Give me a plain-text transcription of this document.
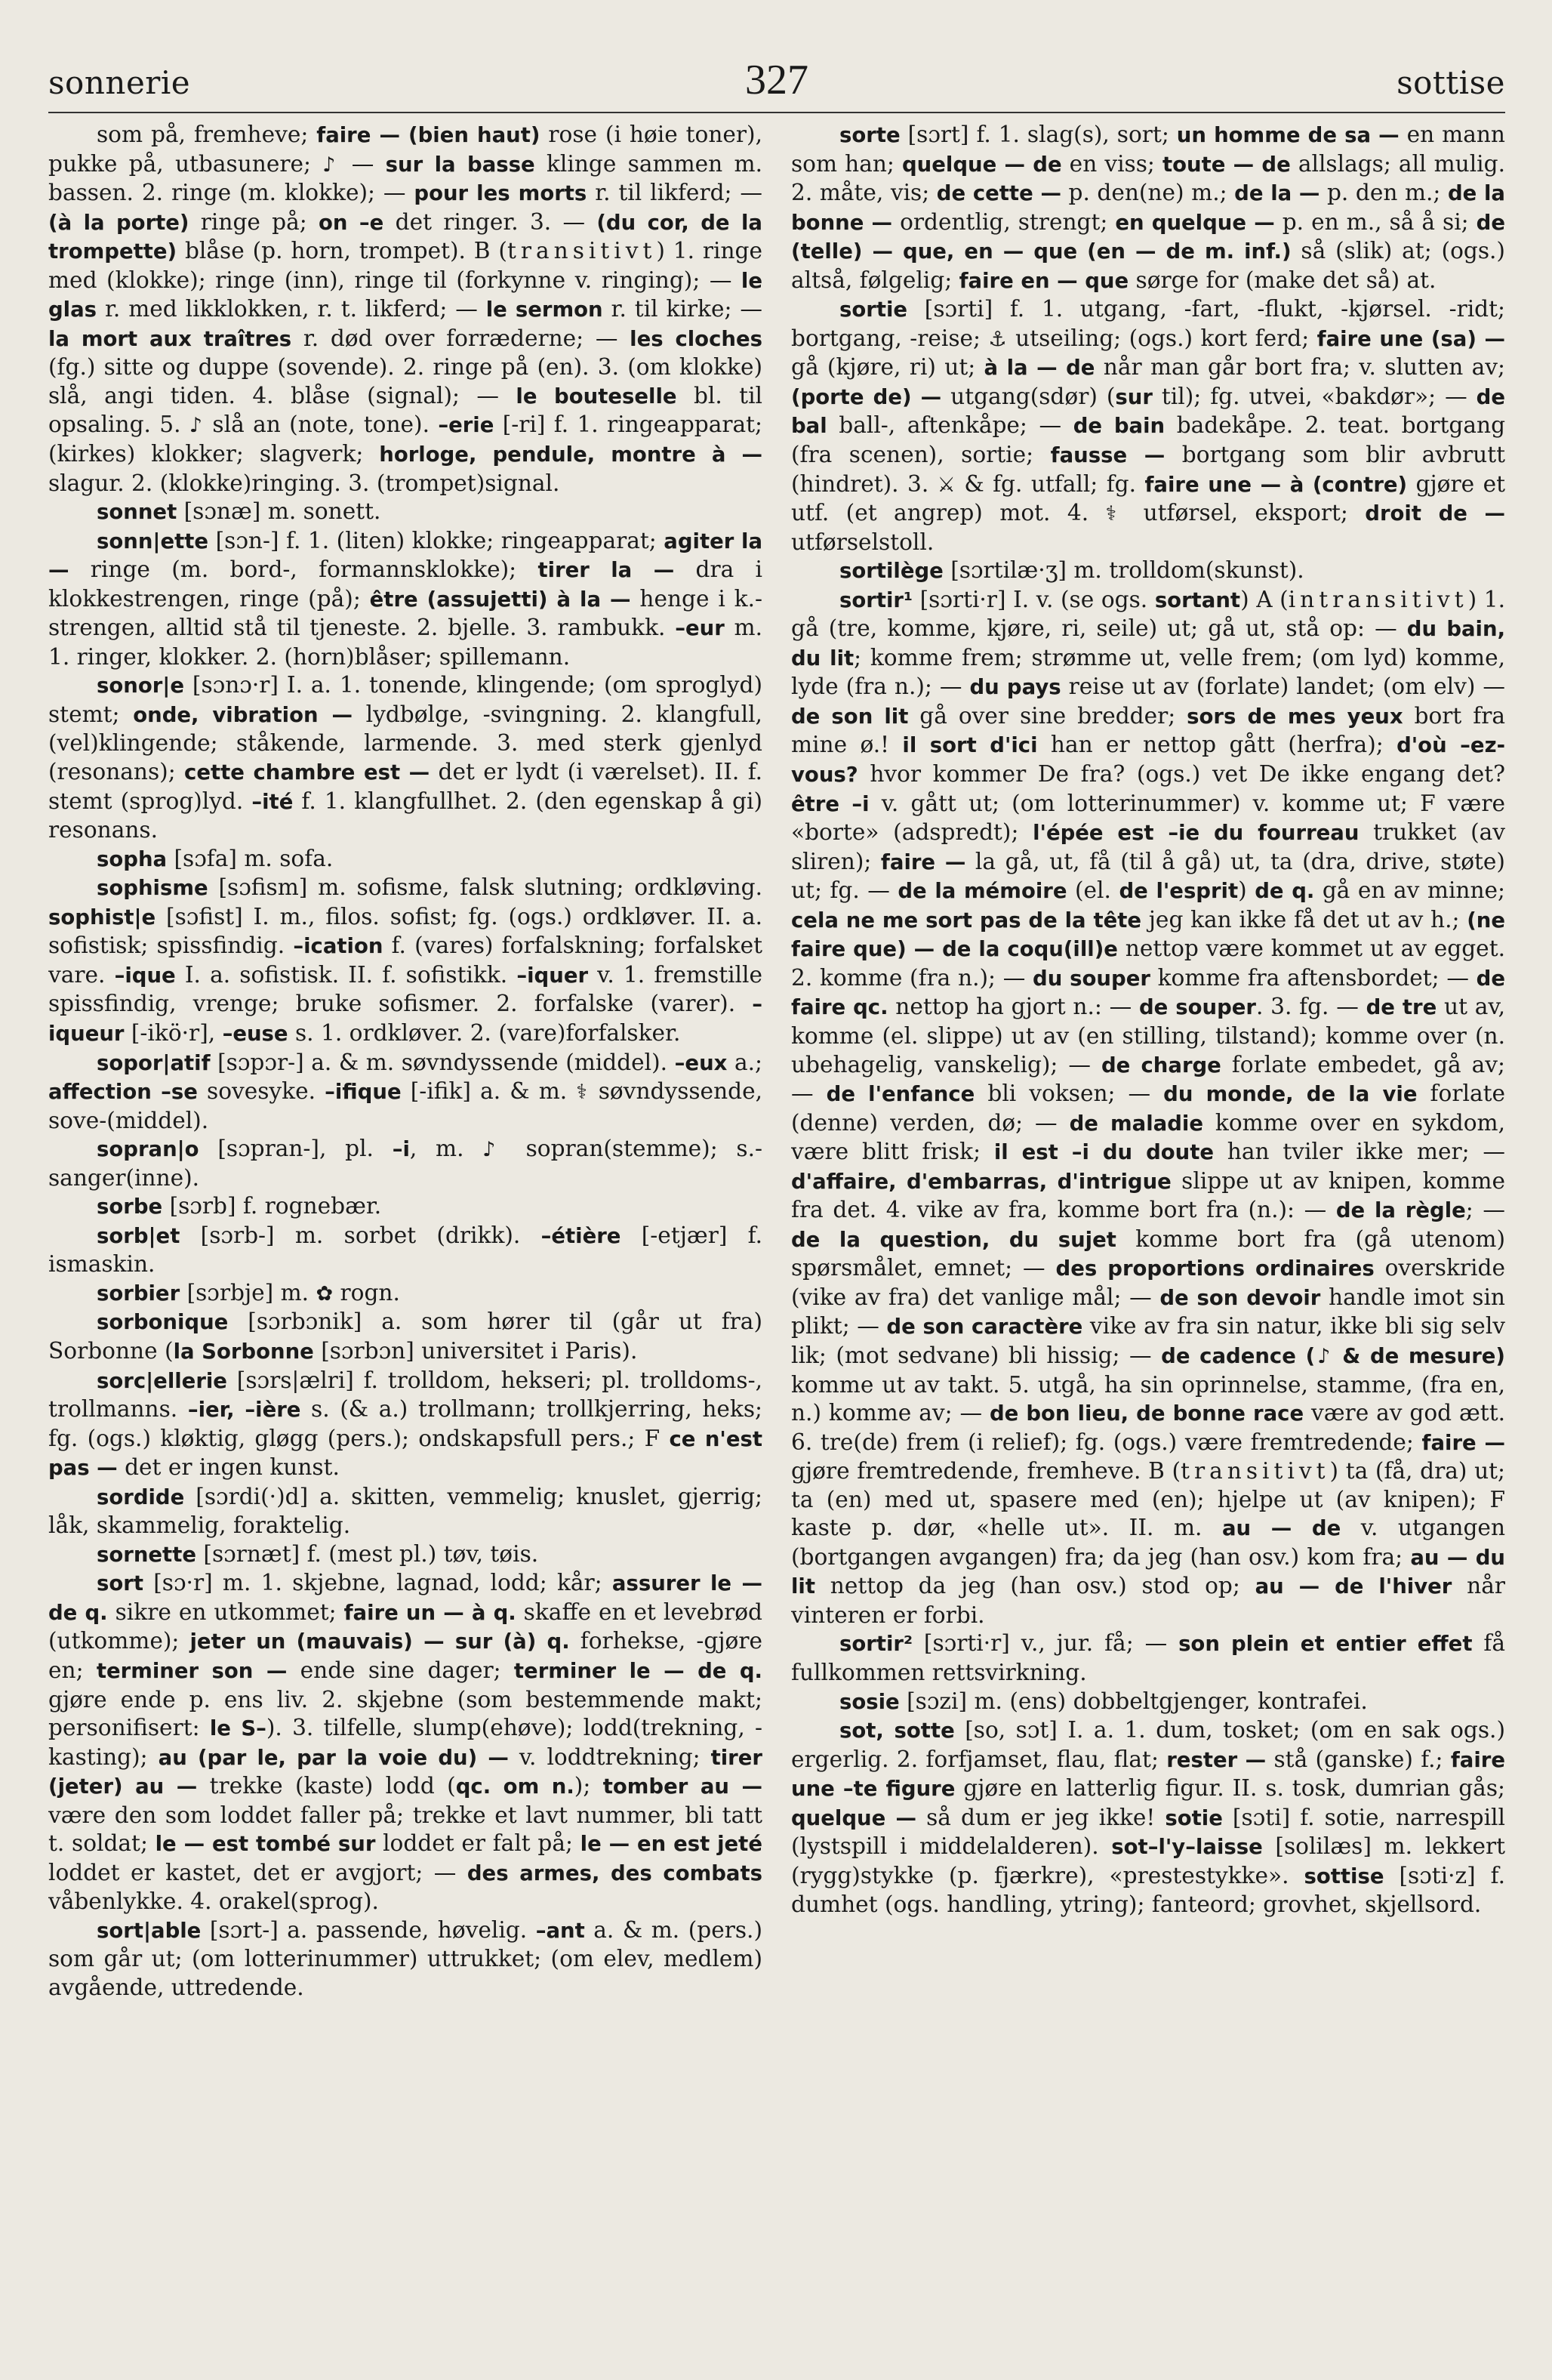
sonnerie	327	sottise

som på, fremheve; faire — (bien haut) rose (i høie toner), pukke på, utbasunere; ♪ — sur la basse klinge sammen m. bassen. 2. ringe (m. klokke); — pour les morts r. til likferd; — (à la porte) ringe på; on –e det ringer. 3. — (du cor, de la trompette) blåse (p. horn, trompet). B (transitivt) 1. ringe med (klokke); ringe (inn), ringe til (forkynne v. ringing); — le glas r. med likklokken, r. t. likferd; — le sermon r. til kirke; — la mort aux traîtres r. død over forræderne; — les cloches (fg.) sitte og duppe (sovende). 2. ringe på (en). 3. (om klokke) slå, angi tiden. 4. blåse (signal); — le bouteselle bl. til opsaling. 5. ♪ slå an (note, tone). –erie [-ri] f. 1. ringeapparat; (kirkes) klokker; slagverk; horloge, pendule, montre à — slagur. 2. (klokke)ringing. 3. (trompet)signal.

sonnet [sɔnæ] m. sonett.

sonn|ette [sɔn-] f. 1. (liten) klokke; ringeapparat; agiter la — ringe (m. bord-, formannsklokke); tirer la — dra i klokkestrengen, ringe (på); être (assujetti) à la — henge i k.-strengen, alltid stå til tjeneste. 2. bjelle. 3. rambukk. –eur m. 1. ringer, klokker. 2. (horn)blåser; spillemann.

sonor|e [sɔnɔ·r] I. a. 1. tonende, klingende; (om sproglyd) stemt; onde, vibration — lydbølge, -svingning. 2. klangfull, (vel)klingende; ståkende, larmende. 3. med sterk gjenlyd (resonans); cette chambre est — det er lydt (i værelset). II. f. stemt (sprog)lyd. –ité f. 1. klangfullhet. 2. (den egenskap å gi) resonans.

sopha [sɔfa] m. sofa.

sophisme [sɔfism] m. sofisme, falsk slutning; ordkløving. sophist|e [sɔfist] I. m., filos. sofist; fg. (ogs.) ordkløver. II. a. sofistisk; spissfindig. –ication f. (vares) forfalskning; forfalsket vare. –ique I. a. sofistisk. II. f. sofistikk. –iquer v. 1. fremstille spissfindig, vrenge; bruke sofismer. 2. forfalske (varer). –iqueur [-ikö·r], –euse s. 1. ordkløver. 2. (vare)forfalsker.

sopor|atif [sɔpɔr-] a. & m. søvndyssende (middel). –eux a.; affection –se sovesyke. –ifique [-ifik] a. & m. ⚕ søvndyssende, sove-(middel).

sopran|o [sɔpran-], pl. –i, m. ♪ sopran(stemme); s.-sanger(inne).

sorbe [sɔrb] f. rognebær.

sorb|et [sɔrb-] m. sorbet (drikk). –étière [-etjær] f. ismaskin.

sorbier [sɔrbje] m. ✿ rogn.

sorbonique [sɔrbɔnik] a. som hører til (går ut fra) Sorbonne (la Sorbonne [sɔrbɔn] universitet i Paris).

sorc|ellerie [sɔrs|ælri] f. trolldom, hekseri; pl. trolldoms-, trollmanns. –ier, –ière s. (& a.) trollmann; trollkjerring, heks; fg. (ogs.) kløktig, gløgg (pers.); ondskapsfull pers.; F ce n'est pas — det er ingen kunst.

sordide [sɔrdi(·)d] a. skitten, vemmelig; knuslet, gjerrig; låk, skammelig, foraktelig.

sornette [sɔrnæt] f. (mest pl.) tøv, tøis.

sort [sɔ·r] m. 1. skjebne, lagnad, lodd; kår; assurer le — de q. sikre en utkommet; faire un — à q. skaffe en et levebrød (utkomme); jeter un (mauvais) — sur (à) q. forhekse, -gjøre en; terminer son — ende sine dager; terminer le — de q. gjøre ende p. ens liv. 2. skjebne (som bestemmende makt; personifisert: le S–). 3. tilfelle, slump(ehøve); lodd(trekning, -kasting); au (par le, par la voie du) — v. loddtrekning; tirer (jeter) au — trekke (kaste) lodd (qc. om n.); tomber au — være den som loddet faller på; trekke et lavt nummer, bli tatt t. soldat; le — est tombé sur loddet er falt på; le — en est jeté loddet er kastet, det er avgjort; — des armes, des combats våbenlykke. 4. orakel(sprog).

sort|able [sɔrt-] a. passende, høvelig. –ant a. & m. (pers.) som går ut; (om lotterinummer) uttrukket; (om elev, medlem) avgående, uttredende.

sorte [sɔrt] f. 1. slag(s), sort; un homme de sa — en mann som han; quelque — de en viss; toute — de allslags; all mulig. 2. måte, vis; de cette — p. den(ne) m.; de la — p. den m.; de la bonne — ordentlig, strengt; en quelque — p. en m., så å si; de (telle) — que, en — que (en — de m. inf.) så (slik) at; (ogs.) altså, følgelig; faire en — que sørge for (make det så) at.

sortie [sɔrti] f. 1. utgang, -fart, -flukt, -kjørsel. -ridt; bortgang, -reise; ⚓ utseiling; (ogs.) kort ferd; faire une (sa) — gå (kjøre, ri) ut; à la — de når man går bort fra; v. slutten av; (porte de) — utgang(sdør) (sur til); fg. utvei, «bakdør»; — de bal ball-, aftenkåpe; — de bain badekåpe. 2. teat. bortgang (fra scenen), sortie; fausse — bortgang som blir avbrutt (hindret). 3. ⚔ & fg. utfall; fg. faire une — à (contre) gjøre et utf. (et angrep) mot. 4. ⚕ utførsel, eksport; droit de — utførselstoll.

sortilège [sɔrtilæ·ʒ] m. trolldom(skunst).

sortir¹ [sɔrti·r] I. v. (se ogs. sortant) A (intransitivt) 1. gå (tre, komme, kjøre, ri, seile) ut; gå ut, stå op: — du bain, du lit; komme frem; strømme ut, velle frem; (om lyd) komme, lyde (fra n.); — du pays reise ut av (forlate) landet; (om elv) — de son lit gå over sine bredder; sors de mes yeux bort fra mine ø.! il sort d'ici han er nettop gått (herfra); d'où –ez-vous? hvor kommer De fra? (ogs.) vet De ikke engang det? être –i v. gått ut; (om lotterinummer) v. komme ut; F være «borte» (adspredt); l'épée est –ie du fourreau trukket (av sliren); faire — la gå, ut, få (til å gå) ut, ta (dra, drive, støte) ut; fg. — de la mémoire (el. de l'esprit) de q. gå en av minne; cela ne me sort pas de la tête jeg kan ikke få det ut av h.; (ne faire que) — de la coqu(ill)e nettop være kommet ut av egget. 2. komme (fra n.); — du souper komme fra aftensbordet; — de faire qc. nettop ha gjort n.: — de souper. 3. fg. — de tre ut av, komme (el. slippe) ut av (en stilling, tilstand); komme over (n. ubehagelig, vanskelig); — de charge forlate embedet, gå av; — de l'enfance bli voksen; — du monde, de la vie forlate (denne) verden, dø; — de maladie komme over en sykdom, være blitt frisk; il est –i du doute han tviler ikke mer; — d'affaire, d'embarras, d'intrigue slippe ut av knipen, komme fra det. 4. vike av fra, komme bort fra (n.): — de la règle; — de la question, du sujet komme bort fra (gå utenom) spørsmålet, emnet; — des proportions ordinaires overskride (vike av fra) det vanlige mål; — de son devoir handle imot sin plikt; — de son caractère vike av fra sin natur, ikke bli sig selv lik; (mot sedvane) bli hissig; — de cadence (♪ & de mesure) komme ut av takt. 5. utgå, ha sin oprinnelse, stamme, (fra en, n.) komme av; — de bon lieu, de bonne race være av god ætt. 6. tre(de) frem (i relief); fg. (ogs.) være fremtredende; faire — gjøre fremtredende, fremheve. B (transitivt) ta (få, dra) ut; ta (en) med ut, spasere med (en); hjelpe ut (av knipen); F kaste p. dør, «helle ut». II. m. au — de v. utgangen (bortgangen avgangen) fra; da jeg (han osv.) kom fra; au — du lit nettop da jeg (han osv.) stod op; au — de l'hiver når vinteren er forbi.

sortir² [sɔrti·r] v., jur. få; — son plein et entier effet få fullkommen rettsvirkning.

sosie [sɔzi] m. (ens) dobbeltgjenger, kontrafei.

sot, sotte [so, sɔt] I. a. 1. dum, tosket; (om en sak ogs.) ergerlig. 2. forfjamset, flau, flat; rester — stå (ganske) f.; faire une –te figure gjøre en latterlig figur. II. s. tosk, dumrian gås; quelque — så dum er jeg ikke! sotie [sɔti] f. sotie, narrespill (lystspill i middelalderen). sot–l'y–laisse [solilæs] m. lekkert (rygg)stykke (p. fjærkre), «prestestykke». sottise [sɔti·z] f. dumhet (ogs. handling, ytring); fanteord; grovhet, skjellsord.
